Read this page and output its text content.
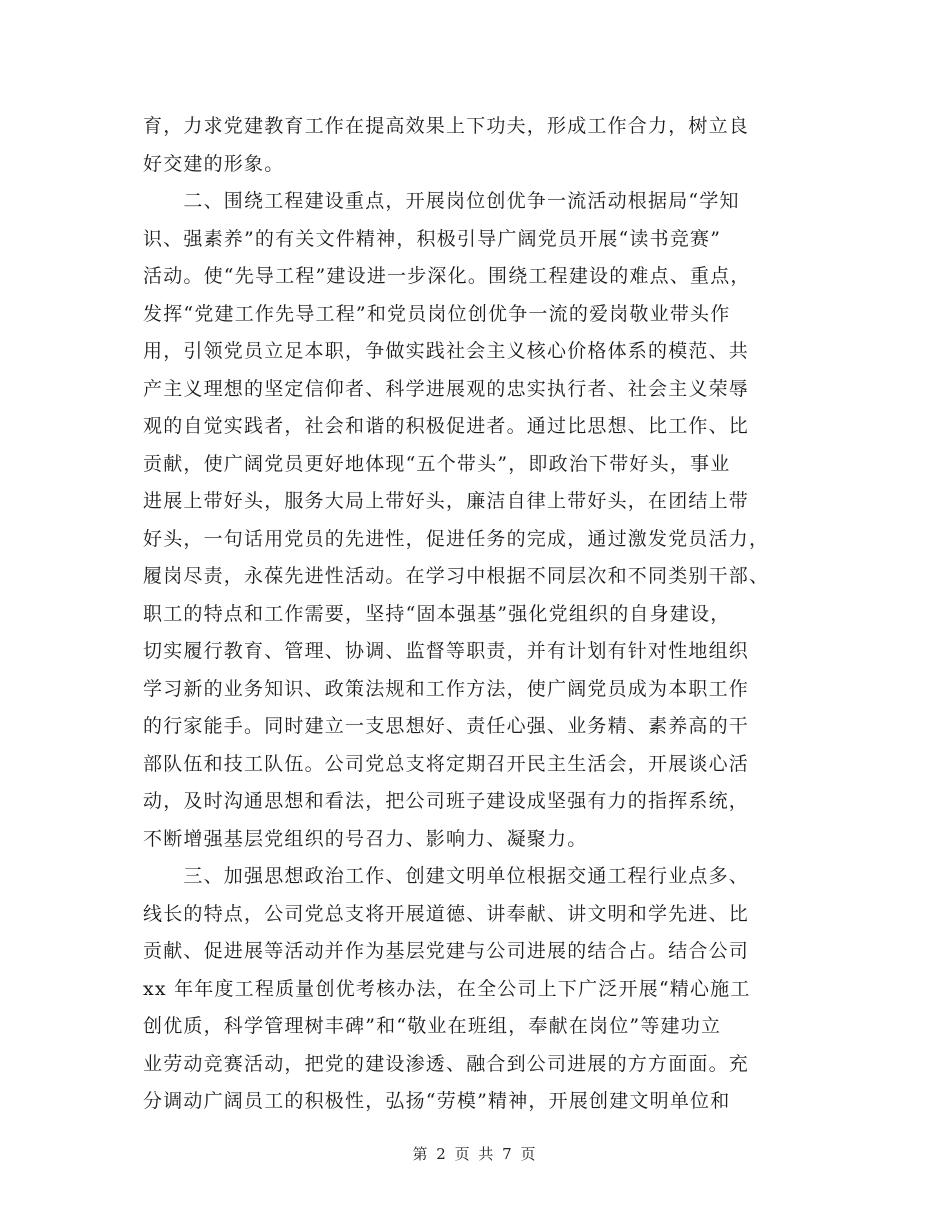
育，力求党建教育工作在提高效果上下功夫，形成工作合力，树立良
好交建的形象。
　　二、围绕工程建设重点，开展岗位创优争一流活动根据局“学知
识、强素养”的有关文件精神，积极引导广阔党员开展“读书竞赛”
活动。使“先导工程”建设进一步深化。围绕工程建设的难点、重点，
发挥“党建工作先导工程”和党员岗位创优争一流的爱岗敬业带头作
用，引领党员立足本职，争做实践社会主义核心价格体系的模范、共
产主义理想的坚定信仰者、科学进展观的忠实执行者、社会主义荣辱
观的自觉实践者，社会和谐的积极促进者。通过比思想、比工作、比
贡献，使广阔党员更好地体现“五个带头”，即政治下带好头，事业
进展上带好头，服务大局上带好头，廉洁自律上带好头，在团结上带
好头，一句话用党员的先进性，促进任务的完成，通过激发党员活力，
履岗尽责，永葆先进性活动。在学习中根据不同层次和不同类别干部、
职工的特点和工作需要，坚持“固本强基”强化党组织的自身建设，
切实履行教育、管理、协调、监督等职责，并有计划有针对性地组织
学习新的业务知识、政策法规和工作方法，使广阔党员成为本职工作
的行家能手。同时建立一支思想好、责任心强、业务精、素养高的干
部队伍和技工队伍。公司党总支将定期召开民主生活会，开展谈心活
动，及时沟通思想和看法，把公司班子建设成坚强有力的指挥系统，
不断增强基层党组织的号召力、影响力、凝聚力。
　　三、加强思想政治工作、创建文明单位根据交通工程行业点多、
线长的特点，公司党总支将开展道德、讲奉献、讲文明和学先进、比
贡献、促进展等活动并作为基层党建与公司进展的结合占。结合公司
xx 年年度工程质量创优考核办法，在全公司上下广泛开展“精心施工
创优质，科学管理树丰碑”和“敬业在班组，奉献在岗位”等建功立
业劳动竞赛活动，把党的建设渗透、融合到公司进展的方方面面。充
分调动广阔员工的积极性，弘扬“劳模”精神，开展创建文明单位和
第 2 页 共 7 页
